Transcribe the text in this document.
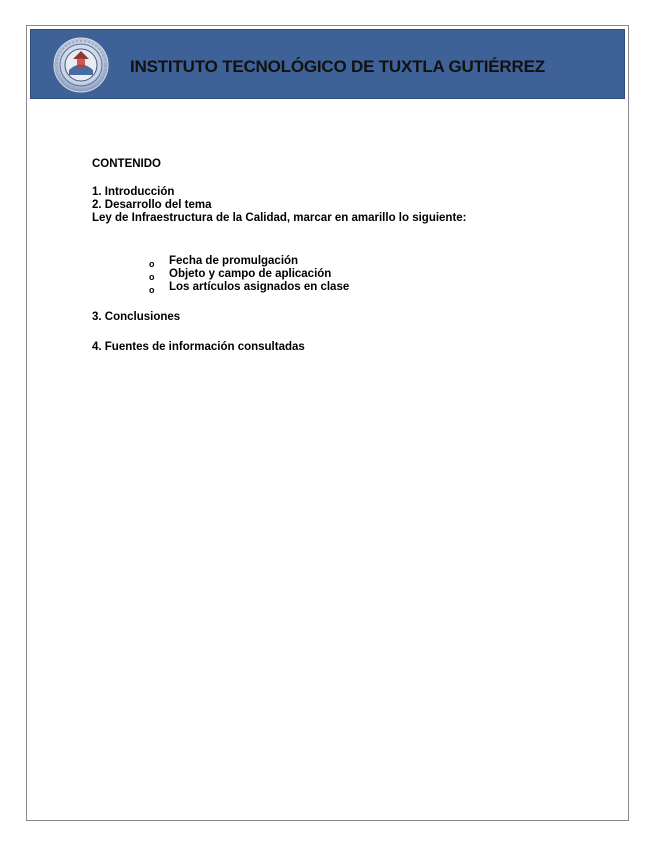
INSTITUTO TECNOLÓGICO DE TUXTLA GUTIÉRREZ

CONTENIDO

1. Introducción

2. Desarrollo del tema

Ley de Infraestructura de la Calidad, marcar en amarillo lo siguiente:

o Fecha de promulgación
o Objeto y campo de aplicación
o Los artículos asignados en clase

3. Conclusiones

4. Fuentes de información consultadas
